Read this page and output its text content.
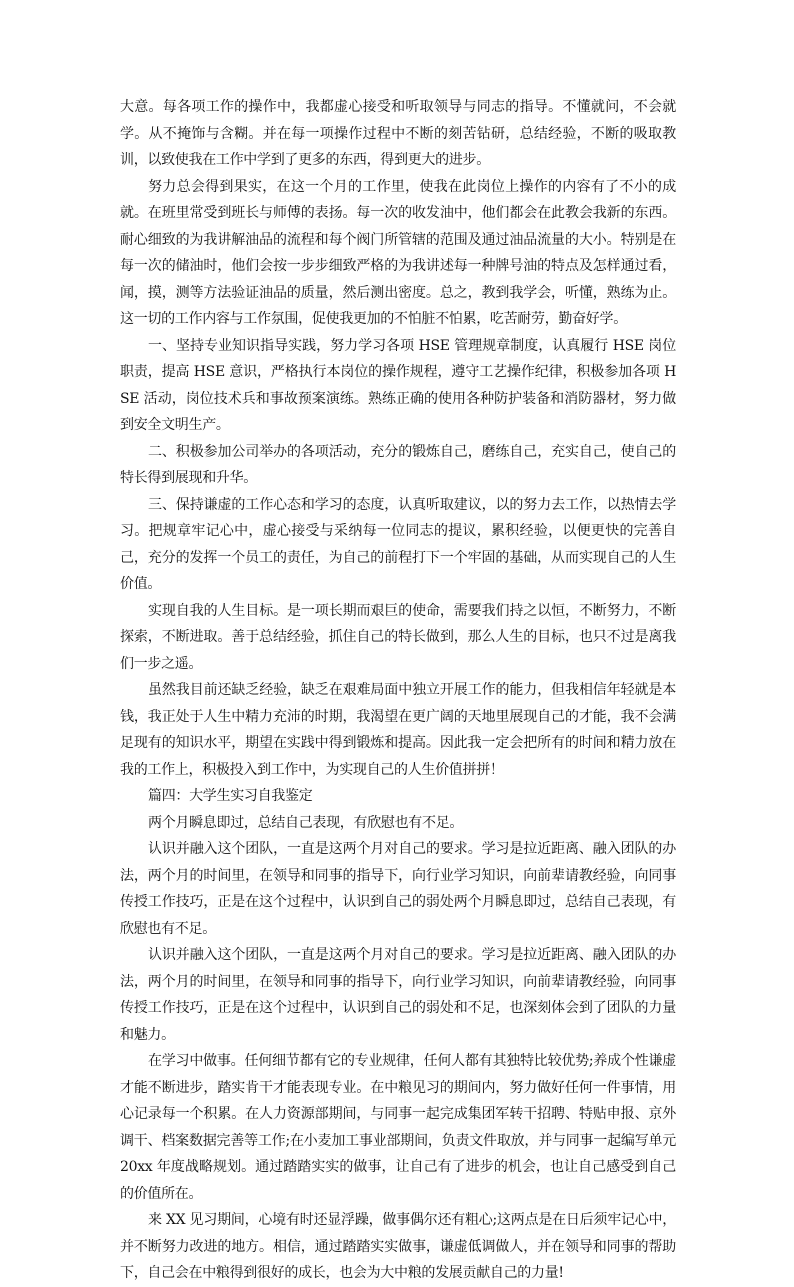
大意。每各项工作的操作中，我都虚心接受和听取领导与同志的指导。不懂就问，不会就学。从不掩饰与含糊。并在每一项操作过程中不断的刻苦钻研，总结经验，不断的吸取教训，以致使我在工作中学到了更多的东西，得到更大的进步。

努力总会得到果实，在这一个月的工作里，使我在此岗位上操作的内容有了不小的成就。在班里常受到班长与师傅的表扬。每一次的收发油中，他们都会在此教会我新的东西。耐心细致的为我讲解油品的流程和每个阀门所管辖的范围及通过油品流量的大小。特别是在每一次的储油时，他们会按一步步细致严格的为我讲述每一种牌号油的特点及怎样通过看，闻，摸，测等方法验证油品的质量，然后测出密度。总之，教到我学会，听懂，熟练为止。这一切的工作内容与工作氛围，促使我更加的不怕脏不怕累，吃苦耐劳，勤奋好学。

一、坚持专业知识指导实践，努力学习各项 HSE 管理规章制度，认真履行 HSE 岗位职责，提高 HSE 意识，严格执行本岗位的操作规程，遵守工艺操作纪律，积极参加各项 HSE 活动，岗位技术兵和事故预案演练。熟练正确的使用各种防护装备和消防器材，努力做到安全文明生产。

二、积极参加公司举办的各项活动，充分的锻炼自己，磨练自己，充实自己，使自己的特长得到展现和升华。

三、保持谦虚的工作心态和学习的态度，认真听取建议，以的努力去工作，以热情去学习。把规章牢记心中，虚心接受与采纳每一位同志的提议，累积经验，以便更快的完善自己，充分的发挥一个员工的责任，为自己的前程打下一个牢固的基础，从而实现自己的人生价值。

实现自我的人生目标。是一项长期而艰巨的使命，需要我们持之以恒，不断努力，不断探索，不断进取。善于总结经验，抓住自己的特长做到，那么人生的目标，也只不过是离我们一步之遥。

虽然我目前还缺乏经验，缺乏在艰难局面中独立开展工作的能力，但我相信年轻就是本钱，我正处于人生中精力充沛的时期，我渴望在更广阔的天地里展现自己的才能，我不会满足现有的知识水平，期望在实践中得到锻炼和提高。因此我一定会把所有的时间和精力放在我的工作上，积极投入到工作中，为实现自己的人生价值拼拼！

篇四：大学生实习自我鉴定

两个月瞬息即过，总结自己表现，有欣慰也有不足。

认识并融入这个团队，一直是这两个月对自己的要求。学习是拉近距离、融入团队的办法，两个月的时间里，在领导和同事的指导下，向行业学习知识，向前辈请教经验，向同事传授工作技巧，正是在这个过程中，认识到自己的弱处两个月瞬息即过，总结自己表现，有欣慰也有不足。

认识并融入这个团队，一直是这两个月对自己的要求。学习是拉近距离、融入团队的办法，两个月的时间里，在领导和同事的指导下，向行业学习知识，向前辈请教经验，向同事传授工作技巧，正是在这个过程中，认识到自己的弱处和不足，也深刻体会到了团队的力量和魅力。

在学习中做事。任何细节都有它的专业规律，任何人都有其独特比较优势;养成个性谦虚才能不断进步，踏实肯干才能表现专业。在中粮见习的期间内，努力做好任何一件事情，用心记录每一个积累。在人力资源部期间，与同事一起完成集团军转干招聘、特贴申报、京外调干、档案数据完善等工作;在小麦加工事业部期间，负责文件取放，并与同事一起编写单元 20xx 年度战略规划。通过踏踏实实的做事，让自己有了进步的机会，也让自己感受到自己的价值所在。

来 XX 见习期间，心境有时还显浮躁，做事偶尔还有粗心;这两点是在日后须牢记心中，并不断努力改进的地方。相信，通过踏踏实实做事，谦虚低调做人，并在领导和同事的帮助下，自己会在中粮得到很好的成长，也会为大中粮的发展贡献自己的力量!
